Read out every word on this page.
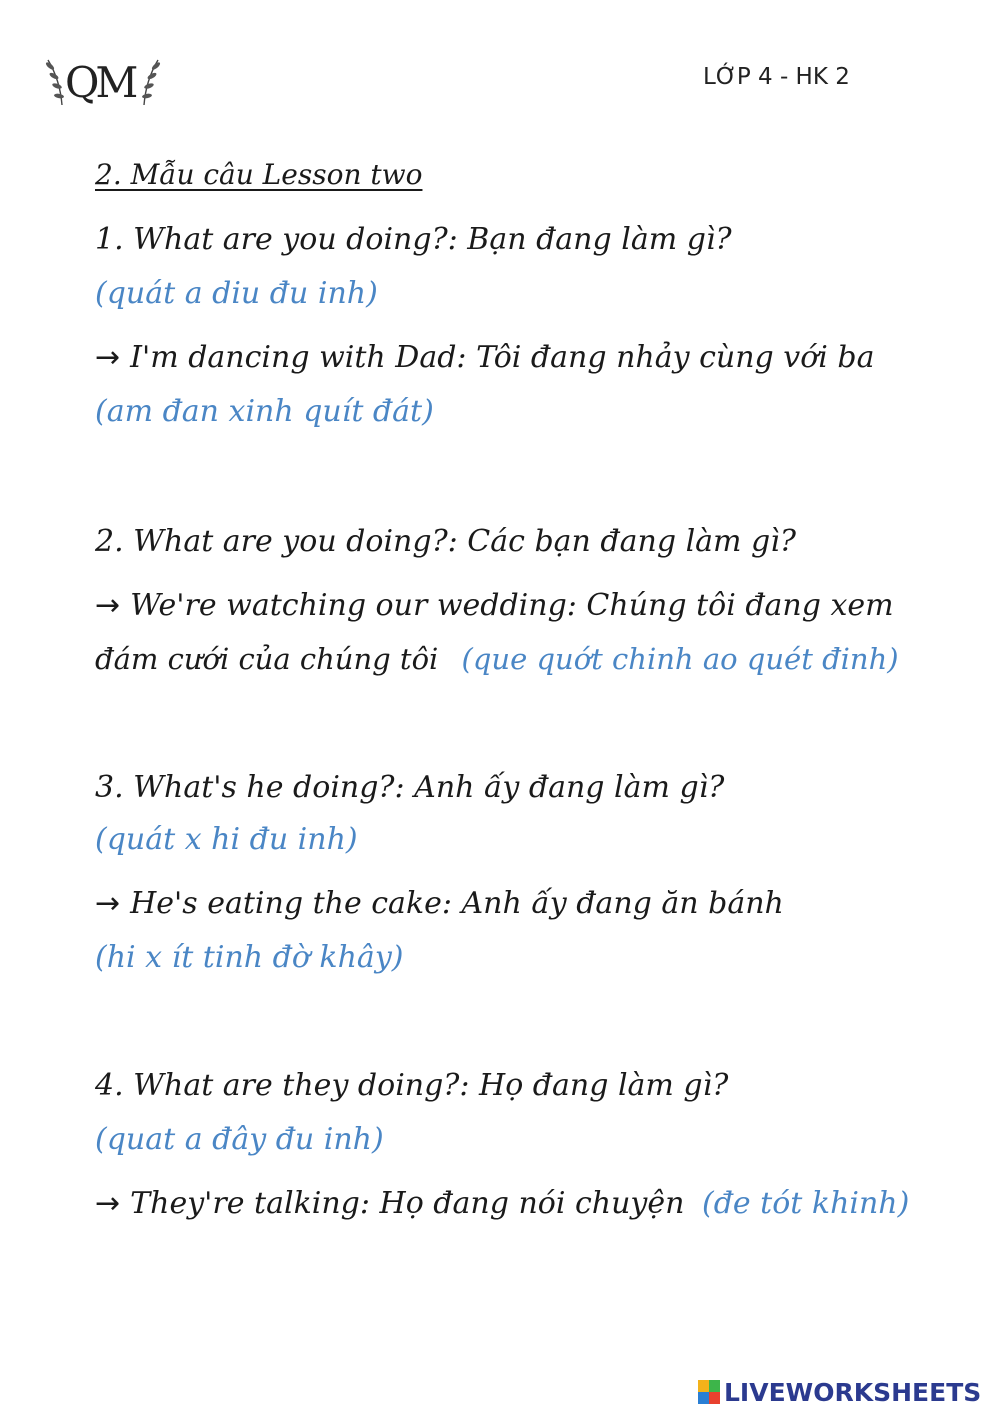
QM	LỚP 4 - HK 2
2. Mẫu câu Lesson two
1. What are you doing?: Bạn đang làm gì?
(quát a diu đu inh)
→ I'm dancing with Dad: Tôi đang nhảy cùng với ba
(am đan xinh quít đát)
2. What are you doing?: Các bạn đang làm gì?
→ We're watching our wedding: Chúng tôi đang xem
đám cưới của chúng tôi (que quớt chinh ao quét đinh)
3. What's he doing?: Anh ấy đang làm gì?
(quát x hi đu inh)
→ He's eating the cake: Anh ấy đang ăn bánh
(hi x ít tinh đờ khây)
4. What are they doing?: Họ đang làm gì?
(quat a đây đu inh)
→ They're talking: Họ đang nói chuyện (đe tót khinh)
LIVEWORKSHEETS
